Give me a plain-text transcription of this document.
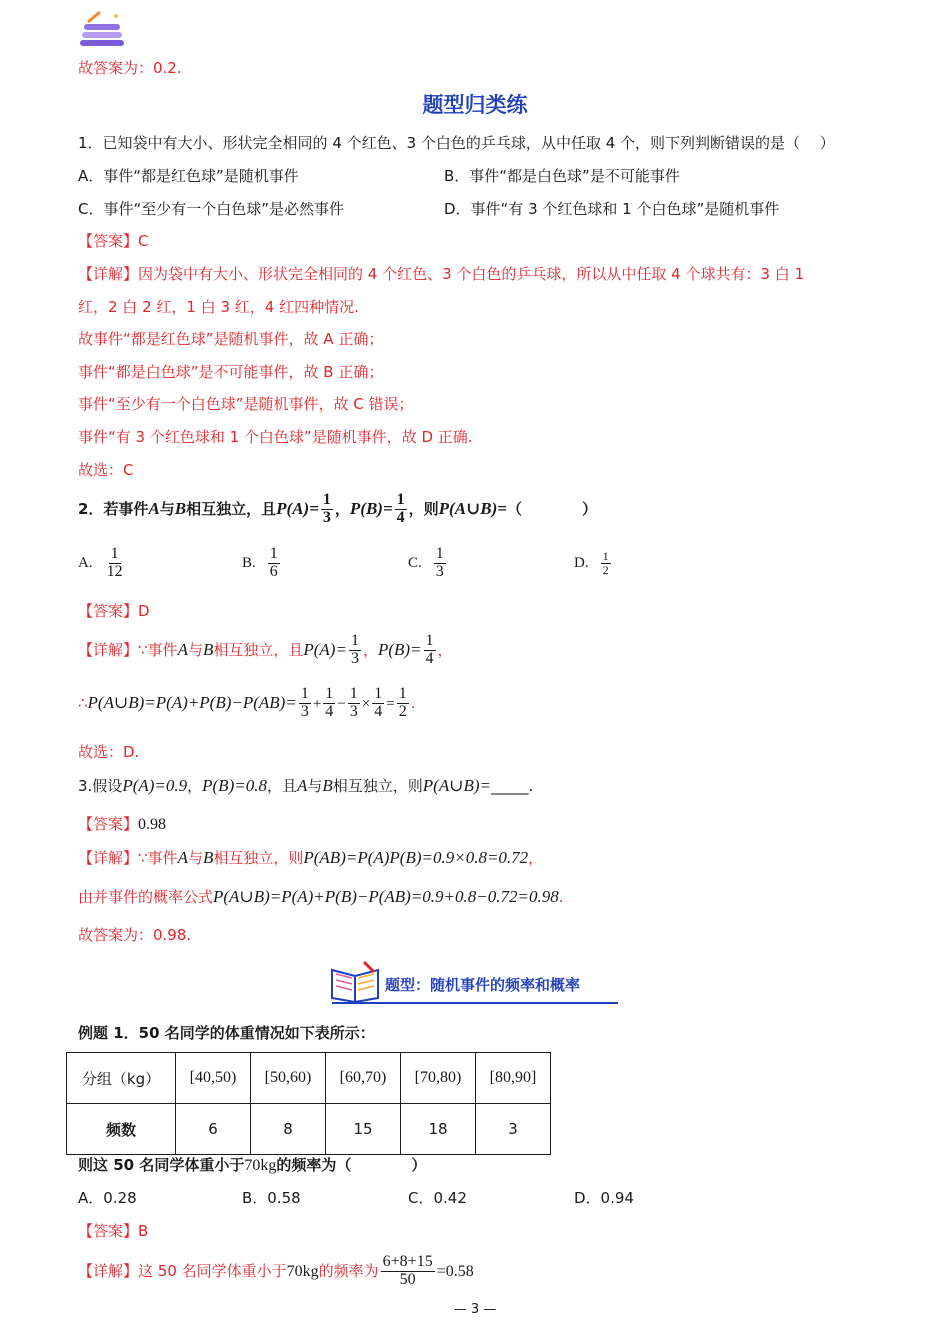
故答案为：0.2.
题型归类练
1．已知袋中有大小、形状完全相同的 4 个红色、3 个白色的乒乓球，从中任取 4 个，则下列判断错误的是（　 ）
A．事件“都是红色球”是随机事件	B．事件“都是白色球”是不可能事件
C．事件“至少有一个白色球”是必然事件	D．事件“有 3 个红色球和 1 个白色球”是随机事件
【答案】C
【详解】因为袋中有大小、形状完全相同的 4 个红色、3 个白色的乒乓球，所以从中任取 4 个球共有：3 白 1
红，2 白 2 红，1 白 3 红，4 红四种情况.
故事件“都是红色球”是随机事件，故 A 正确；
事件“都是白色球”是不可能事件，故 B 正确；
事件“至少有一个白色球”是随机事件，故 C 错误；
事件“有 3 个红色球和 1 个白色球”是随机事件，故 D 正确.
故选：C
2．若事件A与B相互独立，且$P(A)= \frac{1}{3}$ ，$P(B)= \frac{1}{4}$ ，则P(A∪B)=（　　　　）
A. $\frac{1}{12}$	B. $\frac{1}{6}$	C. $\frac{1}{3}$	D. $\frac{1}{2}$
【答案】D
【详解】∵事件A与B相互独立，且$P(A)= \frac{1}{3}$ ，$P(B)= \frac{1}{4}$ ，
∴P(A∪B)=P(A)+P(B)−P(AB)= $\frac{1}{3} + \frac{1}{4} - \frac{1}{3} \times \frac{1}{4} = \frac{1}{2}$ .
故选：D.
3.假设P(A)=0.9，P(B)=0.8，且A与B相互独立，则P(A∪B)=_____.
【答案】0.98
【详解】∵事件A与B相互独立，则P(AB)=P(A)P(B)=0.9×0.8=0.72，
由并事件的概率公式P(A∪B)=P(A)+P(B)−P(AB)=0.9+0.8−0.72=0.98.
故答案为：0.98.
题型：随机事件的频率和概率
例题 1．50 名同学的体重情况如下表所示：
分组（kg）	[40,50)	[50,60)	[60,70)	[70,80)	[80,90]
频数	6	8	15	18	3
则这 50 名同学体重小于70kg的频率为（　　　　）
A．0.28	B．0.58	C．0.42	D．0.94
【答案】B
【详解】这 50 名同学体重小于70kg的频率为 $\frac{6+8+15}{50} =0.58$
— 3 —
